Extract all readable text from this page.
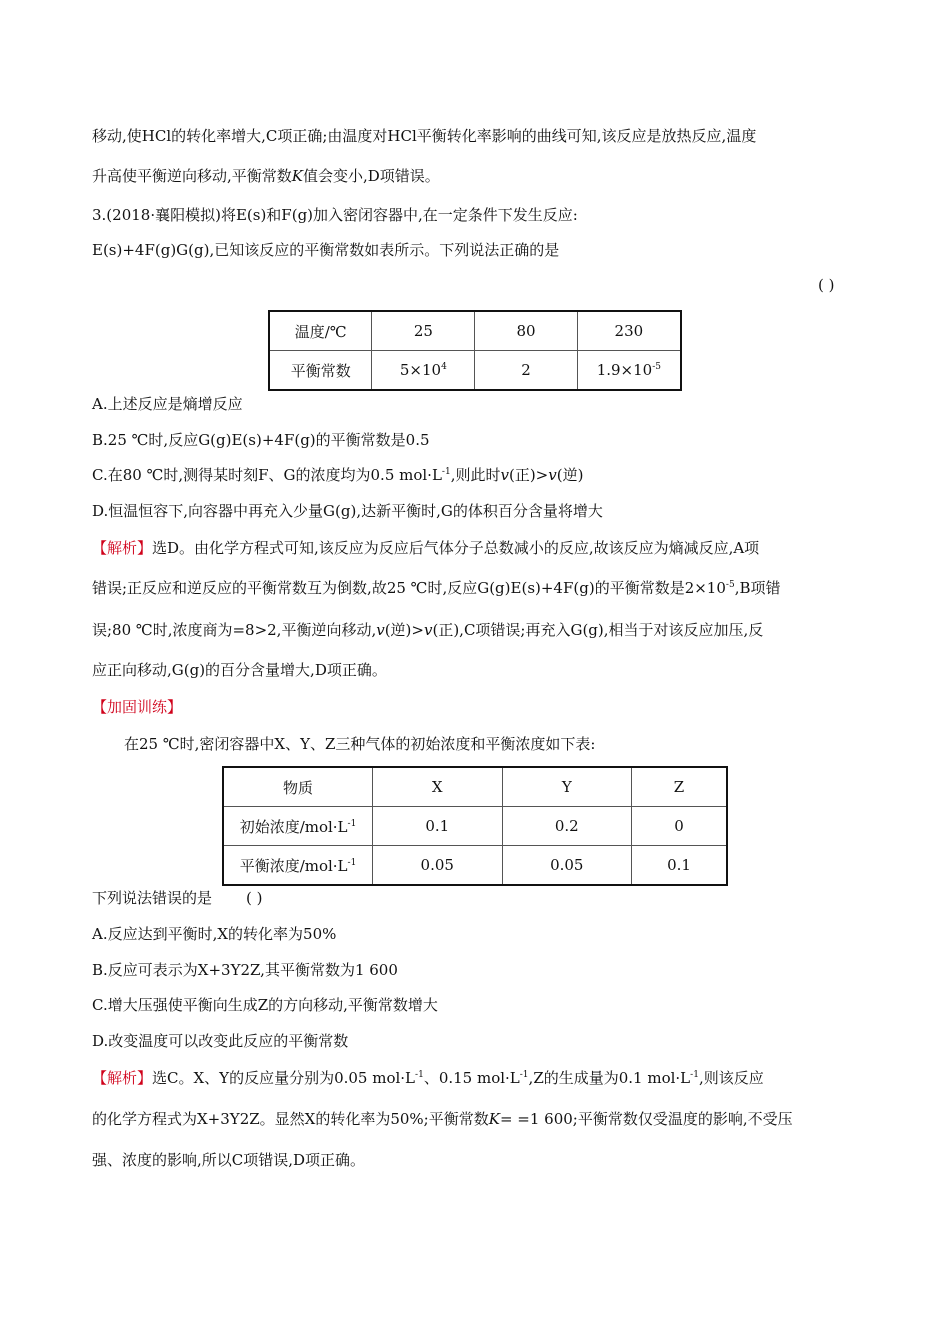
移动,使HCl的转化率增大,C项正确;由温度对HCl平衡转化率影响的曲线可知,该反应是放热反应,温度
升高使平衡逆向移动,平衡常数K值会变小,D项错误。
3.(2018·襄阳模拟)将E(s)和F(g)加入密闭容器中,在一定条件下发生反应:
E(s)+4F(g)G(g),已知该反应的平衡常数如表所示。下列说法正确的是
( )
温度/℃	25	80	230
平衡常数	$5\times 10^4$	2	$1.9\times 10^{-5}$
A.上述反应是熵增反应
B.25 ℃时,反应G(g)E(s)+4F(g)的平衡常数是0.5
C.在80 ℃时,测得某时刻F、G的浓度均为0.5 $mol\cdot L^{-1}$,则此时v(正)>v(逆)
D.恒温恒容下,向容器中再充入少量G(g),达新平衡时,G的体积百分含量将增大
【解析】选D。由化学方程式可知,该反应为反应后气体分子总数减小的反应,故该反应为熵减反应,A项
错误;正反应和逆反应的平衡常数互为倒数,故25 ℃时,反应G(g)E(s)+4F(g)的平衡常数是$2\times 10^{-5},B$项错
误;80 ℃时,浓度商为=8>2,平衡逆向移动,v(逆)>v(正),C项错误;再充入G(g),相当于对该反应加压,反
应正向移动,G(g)的百分含量增大,D项正确。
【加固训练】
在25 ℃时,密闭容器中X、Y、Z三种气体的初始浓度和平衡浓度如下表:
物质	X	Y	Z
初始浓度$/mol\cdot L^{-1}$	0.1	0.2	0
平衡浓度$/mol\cdot L^{-1}$	0.05	0.05	0.1
下列说法错误的是 ( )
A.反应达到平衡时,X的转化率为50%
B.反应可表示为X+3Y2Z,其平衡常数为1 600
C.增大压强使平衡向生成Z的方向移动,平衡常数增大
D.改变温度可以改变此反应的平衡常数
【解析】选C。X、Y的反应量分别为0.05 $mol\cdot L^{-1}$、0.15 $mol\cdot L^{-1},Z$的生成量为0.1 $mol\cdot L^{-1}$,则该反应
的化学方程式为X+3Y2Z。显然X的转化率为50%;平衡常数K= =1 600;平衡常数仅受温度的影响,不受压
强、浓度的影响,所以C项错误,D项正确。
